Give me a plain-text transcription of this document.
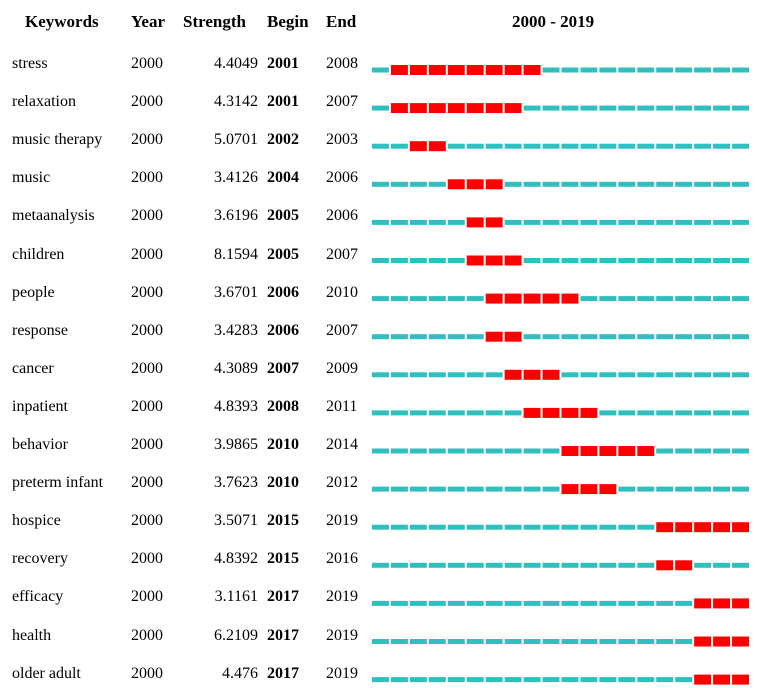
Keywords Year Strength Begin End	2000 - 2019
stress	2000	4.4049 2001 2008
relaxation	2000	4.3142 2001 2007
music therapy 2000	5.0701 2002 2003
music	2000	3.4126 2004 2006
metaanalysis 2000	3.6196 2005 2006
children	2000	8.1594 2005 2007
people	2000	3.6701 2006 2010
response	2000	3.4283 2006 2007
cancer	2000	4.3089 2007 2009
inpatient	2000	4.8393 2008 2011
behavior	2000	3.9865 2010 2014
preterm infant 2000	3.7623 2010 2012
hospice	2000	3.5071 2015 2019
recovery	2000	4.8392 2015 2016
efficacy	2000	3.1161 2017 2019
health	2000	6.2109 2017 2019
older adult	2000	4.476 2017 2019
